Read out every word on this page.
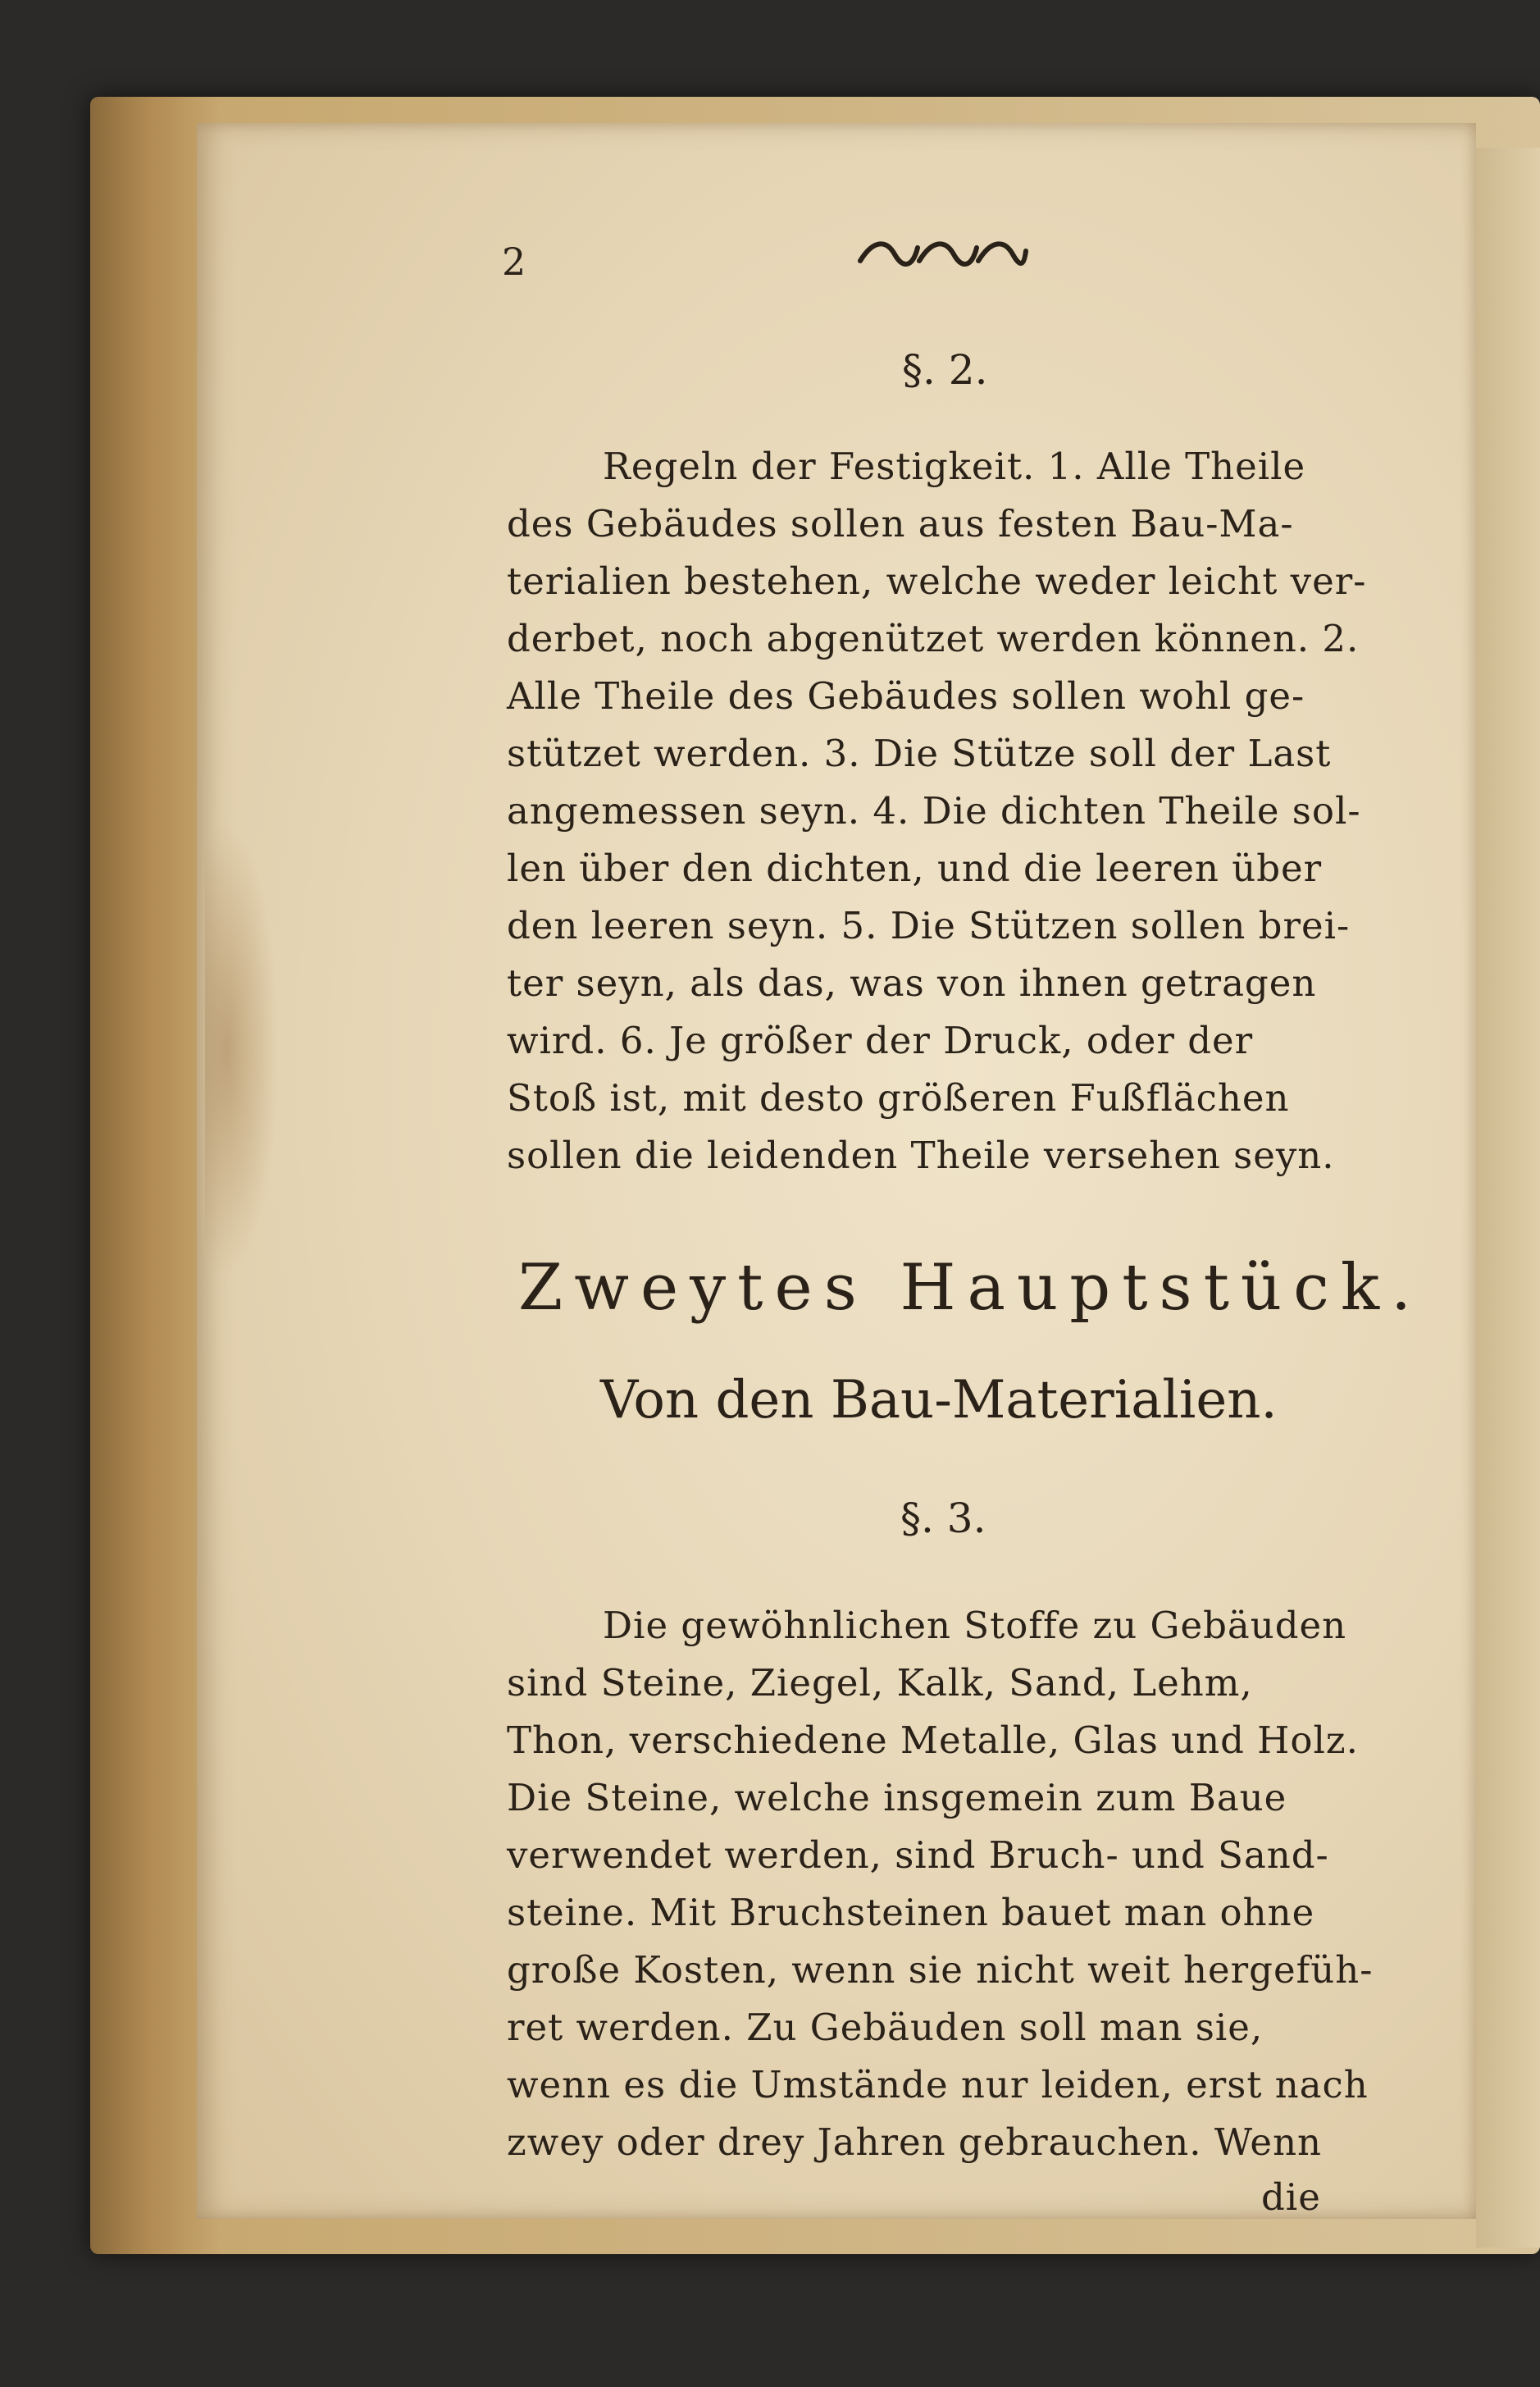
2
§. 2.
Regeln der Festigkeit. 1. Alle Theile
des Gebäudes sollen aus festen Bau-Ma-
terialien bestehen, welche weder leicht ver-
derbet, noch abgenützet werden können. 2.
Alle Theile des Gebäudes sollen wohl ge-
stützet werden. 3. Die Stütze soll der Last
angemessen seyn. 4. Die dichten Theile sol-
len über den dichten, und die leeren über
den leeren seyn. 5. Die Stützen sollen brei-
ter seyn, als das, was von ihnen getragen
wird. 6. Je größer der Druck, oder der
Stoß ist, mit desto größeren Fußflächen
sollen die leidenden Theile versehen seyn.
Zweytes Hauptstück.
Von den Bau-Materialien.
§. 3.
Die gewöhnlichen Stoffe zu Gebäuden
sind Steine, Ziegel, Kalk, Sand, Lehm,
Thon, verschiedene Metalle, Glas und Holz.
Die Steine, welche insgemein zum Baue
verwendet werden, sind Bruch- und Sand-
steine. Mit Bruchsteinen bauet man ohne
große Kosten, wenn sie nicht weit hergefüh-
ret werden. Zu Gebäuden soll man sie,
wenn es die Umstände nur leiden, erst nach
zwey oder drey Jahren gebrauchen. Wenn
die
